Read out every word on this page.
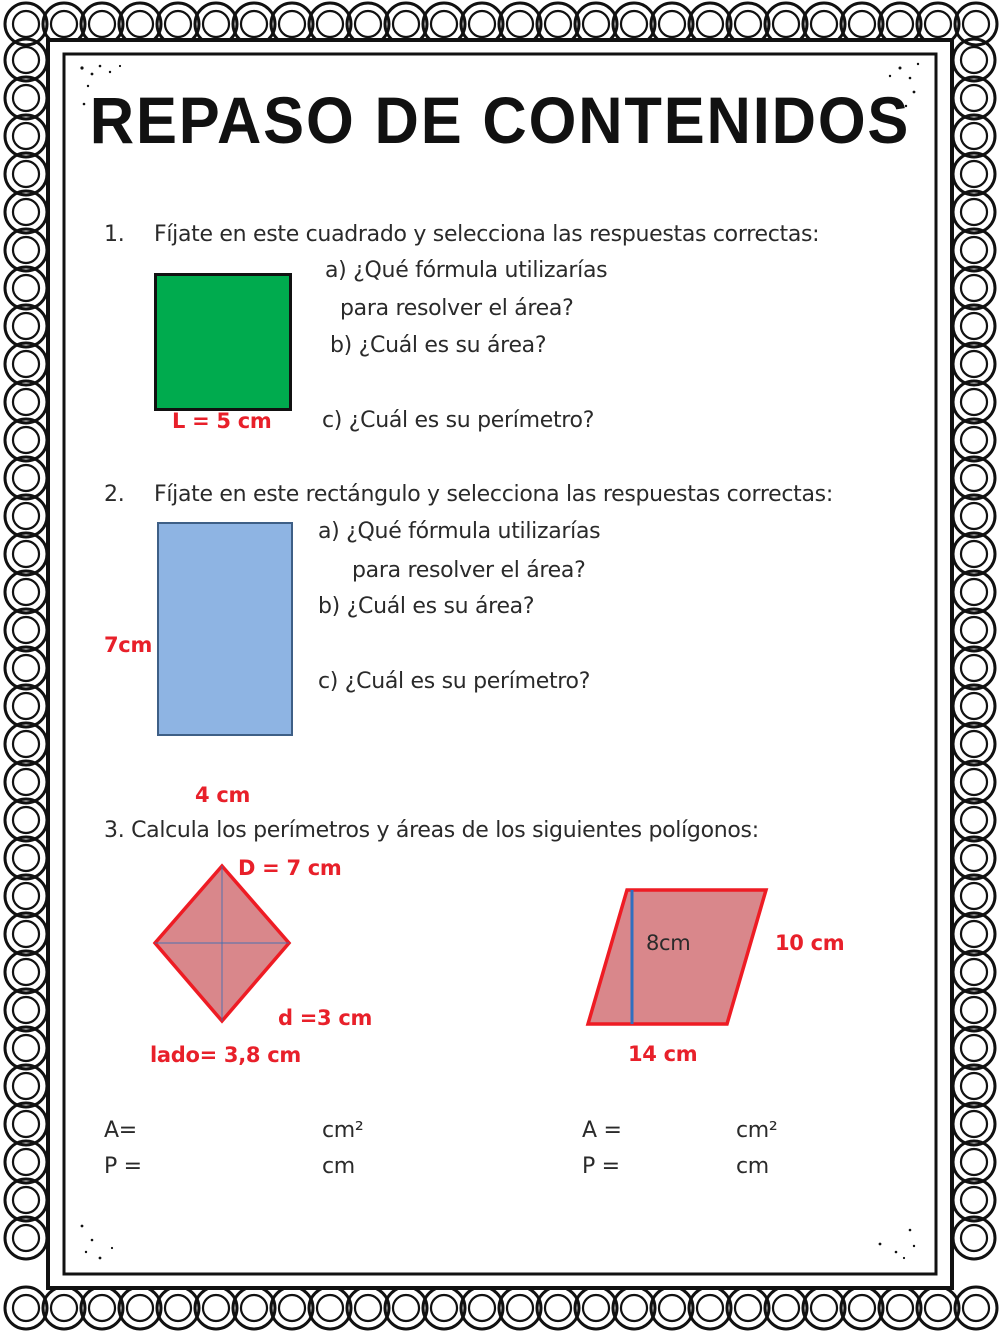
REPASO DE CONTENIDOS
1. Fíjate en este cuadrado y selecciona las respuestas correctas:
L = 5 cm
a) ¿Qué fórmula utilizarías
para resolver el área?
b) ¿Cuál es su área?
c) ¿Cuál es su perímetro?
2. Fíjate en este rectángulo y selecciona las respuestas correctas:
7cm
4 cm
a) ¿Qué fórmula utilizarías
para resolver el área?
b) ¿Cuál es su área?
c) ¿Cuál es su perímetro?
3. Calcula los perímetros y áreas de los siguientes polígonos:
D = 7 cm
d =3 cm
lado= 3,8 cm
8cm	10 cm
14 cm
A=	cm²
P =	cm
A =	cm²
P =	cm
